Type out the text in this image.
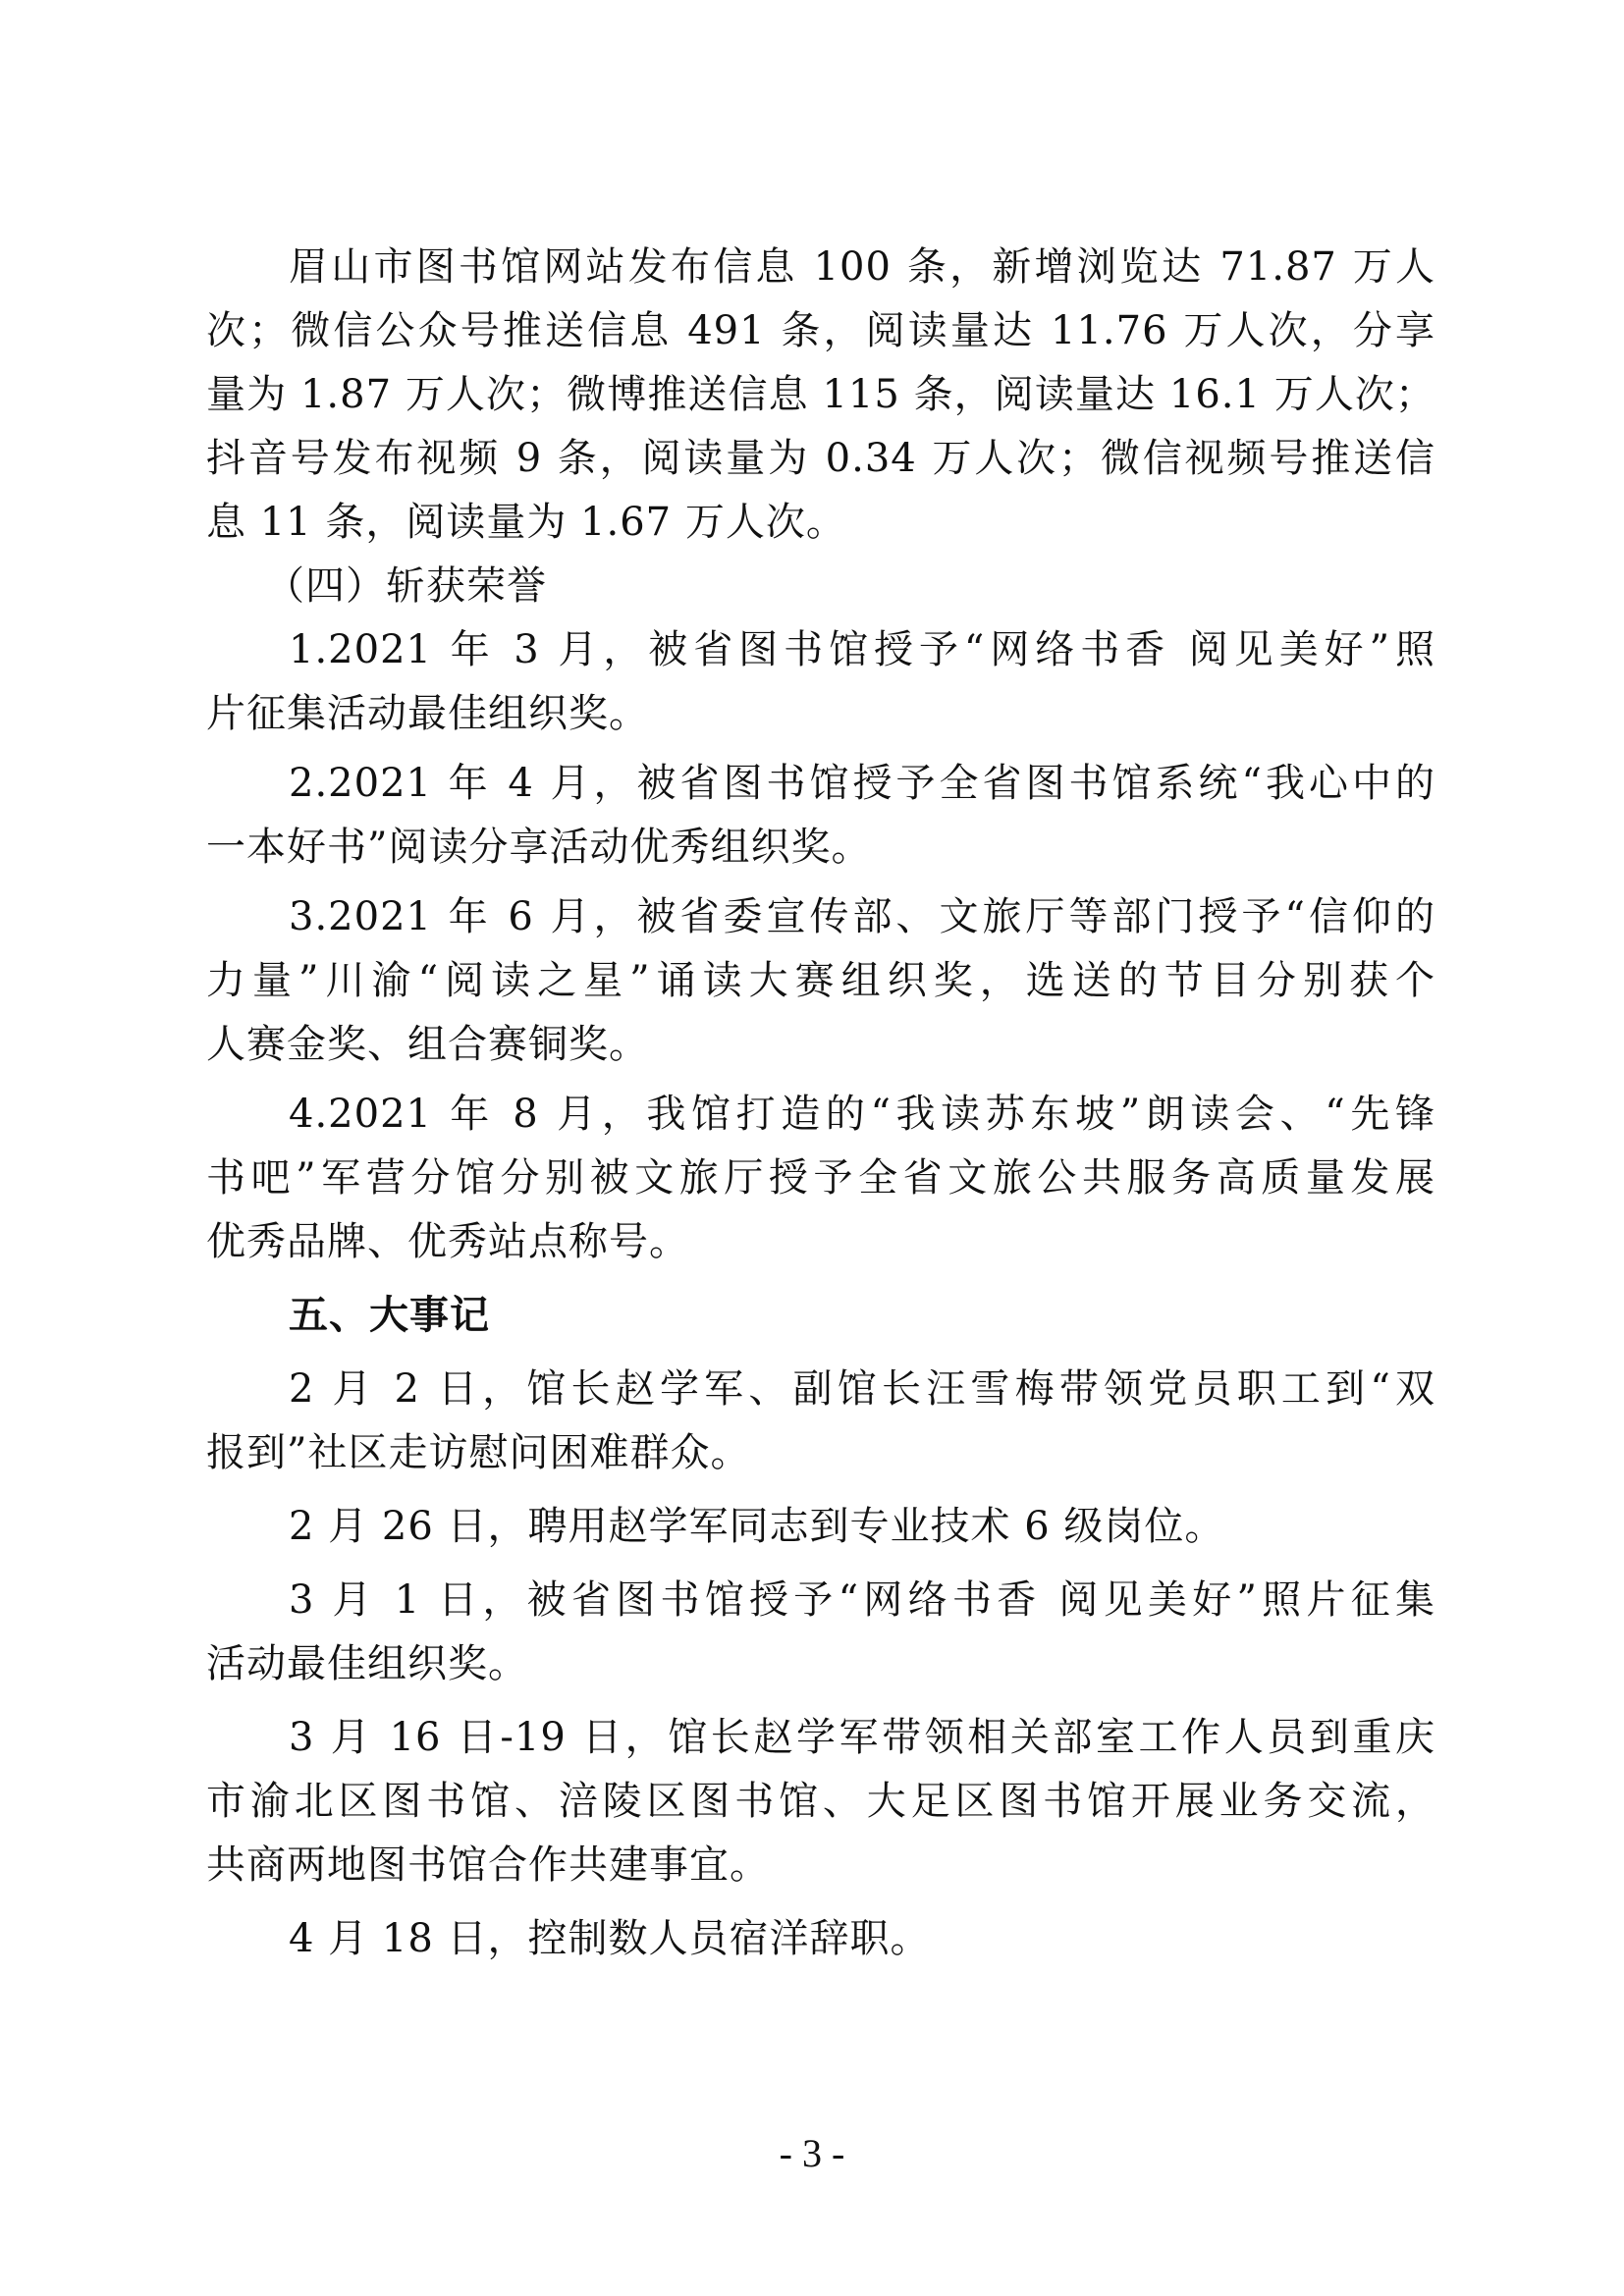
眉山市图书馆网站发布信息 100 条，新增浏览达 71.87 万人
次；微信公众号推送信息 491 条，阅读量达 11.76 万人次，分享
量为 1.87 万人次；微博推送信息 115 条，阅读量达 16.1 万人次；
抖音号发布视频 9 条，阅读量为 0.34 万人次；微信视频号推送信
息 11 条，阅读量为 1.67 万人次。
（四）斩获荣誉
1.2021 年 3 月，被省图书馆授予“网络书香 阅见美好”照
片征集活动最佳组织奖。
2.2021 年 4 月，被省图书馆授予全省图书馆系统“我心中的
一本好书”阅读分享活动优秀组织奖。
3.2021 年 6 月，被省委宣传部、文旅厅等部门授予“信仰的
力量”川渝“阅读之星”诵读大赛组织奖，选送的节目分别获个
人赛金奖、组合赛铜奖。
4.2021 年 8 月，我馆打造的“我读苏东坡”朗读会、“先锋
书吧”军营分馆分别被文旅厅授予全省文旅公共服务高质量发展
优秀品牌、优秀站点称号。
五、大事记
2 月 2 日，馆长赵学军、副馆长汪雪梅带领党员职工到“双
报到”社区走访慰问困难群众。
2 月 26 日，聘用赵学军同志到专业技术 6 级岗位。
3 月 1 日，被省图书馆授予“网络书香 阅见美好”照片征集
活动最佳组织奖。
3 月 16 日-19 日，馆长赵学军带领相关部室工作人员到重庆
市渝北区图书馆、涪陵区图书馆、大足区图书馆开展业务交流，
共商两地图书馆合作共建事宜。
4 月 18 日，控制数人员宿洋辞职。
- 3 -
